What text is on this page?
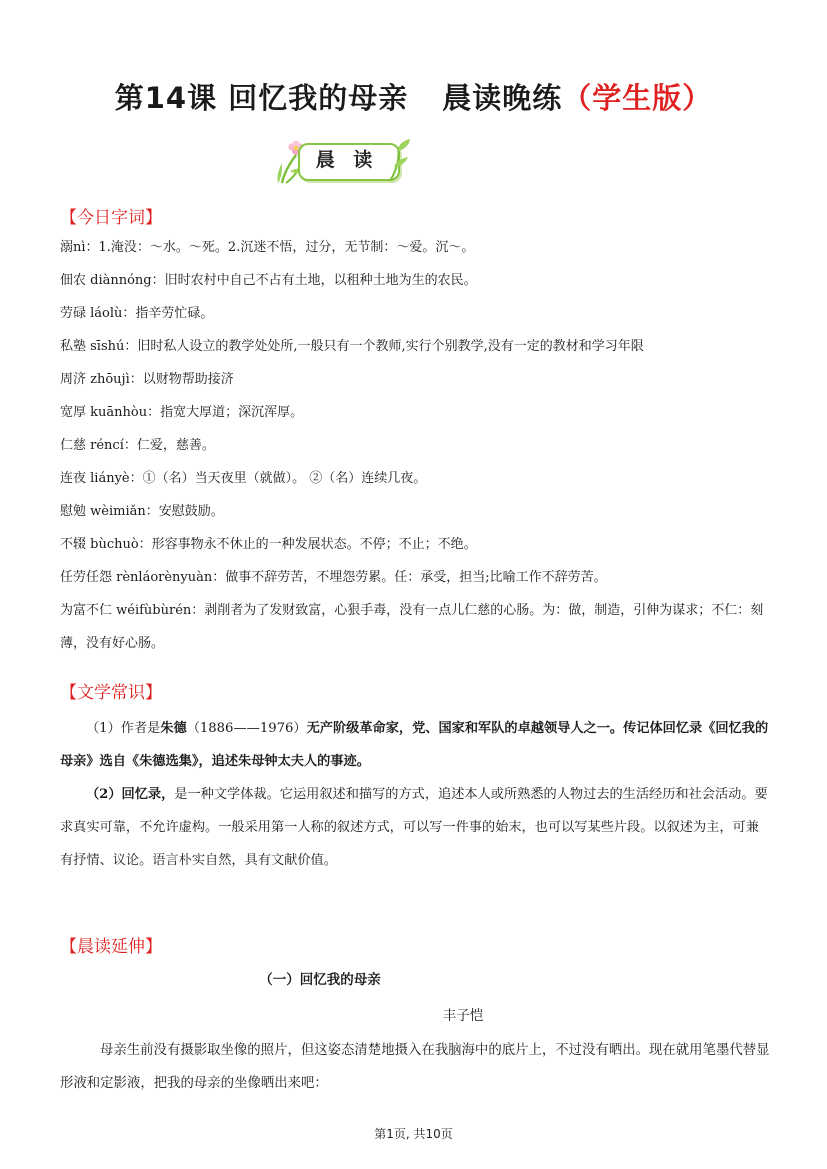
第14课 回忆我的母亲 晨读晚练（学生版）
晨 读
【今日字词】
溺nì：1.淹没：～水。～死。2.沉迷不悟，过分，无节制：～爱。沉～。
佃农 diànnóng：旧时农村中自己不占有土地，以租种土地为生的农民。
劳碌 láolù：指辛劳忙碌。
私塾 sīshú：旧时私人设立的教学处处所,一般只有一个教师,实行个别教学,没有一定的教材和学习年限
周济 zhōujì：以财物帮助接济
宽厚 kuānhòu：指宽大厚道；深沉浑厚。
仁慈 réncí：仁爱，慈善。
连夜 liányè：①（名）当天夜里（就做）。 ②（名）连续几夜。
慰勉 wèimiǎn：安慰鼓励。
不辍 bùchuò：形容事物永不休止的一种发展状态。不停；不止；不绝。
任劳任怨 rènláorènyuàn：做事不辞劳苦，不埋怨劳累。任：承受，担当;比喻工作不辞劳苦。
为富不仁 wéifùbùrén：剥削者为了发财致富，心狠手毒，没有一点儿仁慈的心肠。为：做，制造，引伸为谋求；不仁：刻薄，没有好心肠。
【文学常识】

（1）作者是朱德（1886——1976）无产阶级革命家，党、国家和军队的卓越领导人之一。传记体回忆录《回忆我的母亲》选自《朱德选集》，追述朱母钟太夫人的事迹。

（2）回忆录，是一种文学体裁。它运用叙述和描写的方式，追述本人或所熟悉的人物过去的生活经历和社会活动。要求真实可靠，不允许虚构。一般采用第一人称的叙述方式，可以写一件事的始末，也可以写某些片段。以叙述为主，可兼有抒情、议论。语言朴实自然，具有文献价值。

【晨读延伸】
（一）回忆我的母亲
丰子恺

母亲生前没有摄影取坐像的照片，但这姿态清楚地摄入在我脑海中的底片上，不过没有晒出。现在就用笔墨代替显形液和定影液，把我的母亲的坐像晒出来吧：

第1页, 共10页
